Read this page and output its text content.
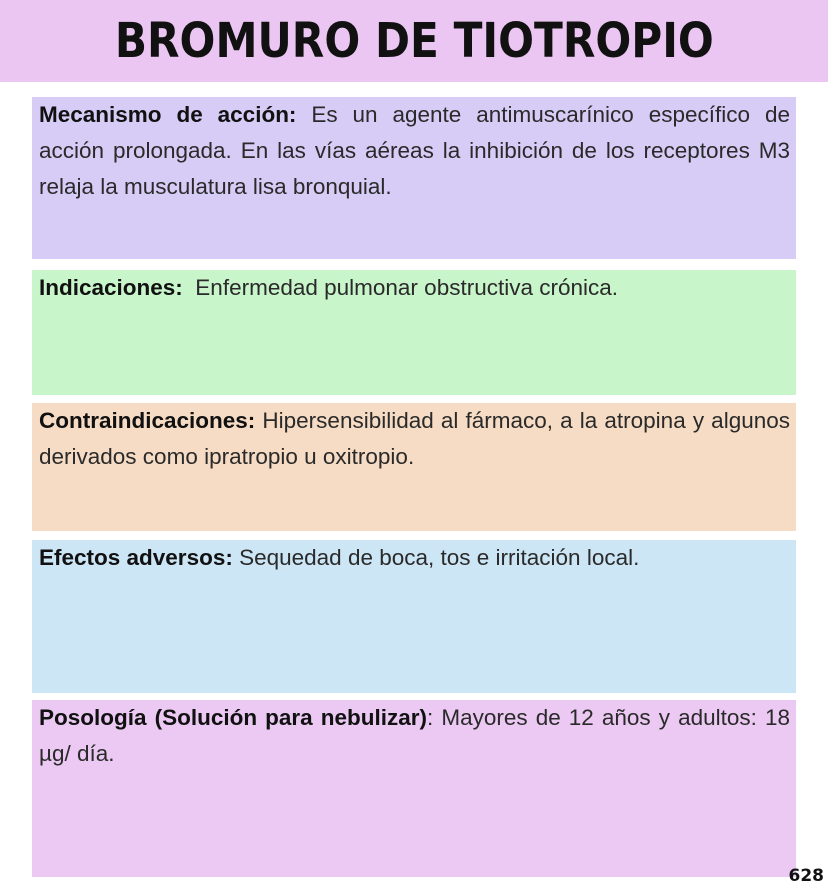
BROMURO DE TIOTROPIO
Mecanismo de acción: Es un agente antimuscarínico específico de acción prolongada. En las vías aéreas la inhibición de los receptores M3 relaja la musculatura lisa bronquial.
Indicaciones:  Enfermedad pulmonar obstructiva crónica.
Contraindicaciones: Hipersensibilidad al fármaco, a la atropina y algunos derivados como ipratropio u oxitropio.
Efectos adversos: Sequedad de boca, tos e irritación local.
Posología (Solución para nebulizar): Mayores de 12 años y adultos: 18 µg/ día.
628
